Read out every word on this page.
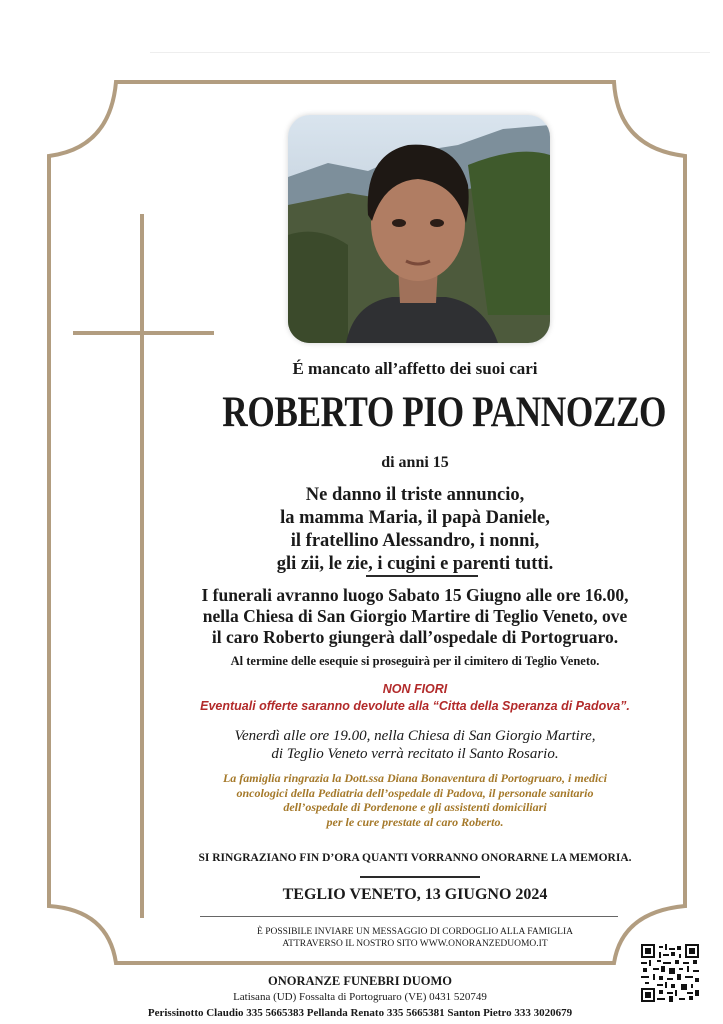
É mancato all’affetto dei suoi cari

ROBERTO PIO PANNOZZO

di anni 15

Ne danno il triste annuncio,
la mamma Maria, il papà Daniele,
il fratellino Alessandro, i nonni,
gli zii, le zie, i cugini e parenti tutti.
I funerali avranno luogo Sabato 15 Giugno alle ore 16.00,
nella Chiesa di San Giorgio Martire di Teglio Veneto, ove
il caro Roberto giungerà dall’ospedale di Portogruaro.

Al termine delle esequie si proseguirà per il cimitero di Teglio Veneto.

NON FIORI

Eventuali offerte saranno devolute alla “Citta della Speranza di Padova”.

Venerdì alle ore 19.00, nella Chiesa di San Giorgio Martire,
di Teglio Veneto verrà recitato il Santo Rosario.
La famiglia ringrazia la Dott.ssa Diana Bonaventura di Portogruaro, i medici
oncologici della Pediatria dell’ospedale di Padova, il personale sanitario
dell’ospedale di Pordenone e gli assistenti domiciliari
per le cure prestate al caro Roberto.

SI RINGRAZIANO FIN D’ORA QUANTI VORRANNO ONORARNE LA MEMORIA.

TEGLIO VENETO, 13 GIUGNO 2024

È POSSIBILE INVIARE UN MESSAGGIO DI CORDOGLIO ALLA FAMIGLIA
ATTRAVERSO IL NOSTRO SITO WWW.ONORANZEDUOMO.IT

ONORANZE FUNEBRI DUOMO

Latisana (UD) Fossalta di Portogruaro (VE) 0431 520749

Perissinotto Claudio 335 5665383 Pellanda Renato 335 5665381 Santon Pietro 333 3020679
